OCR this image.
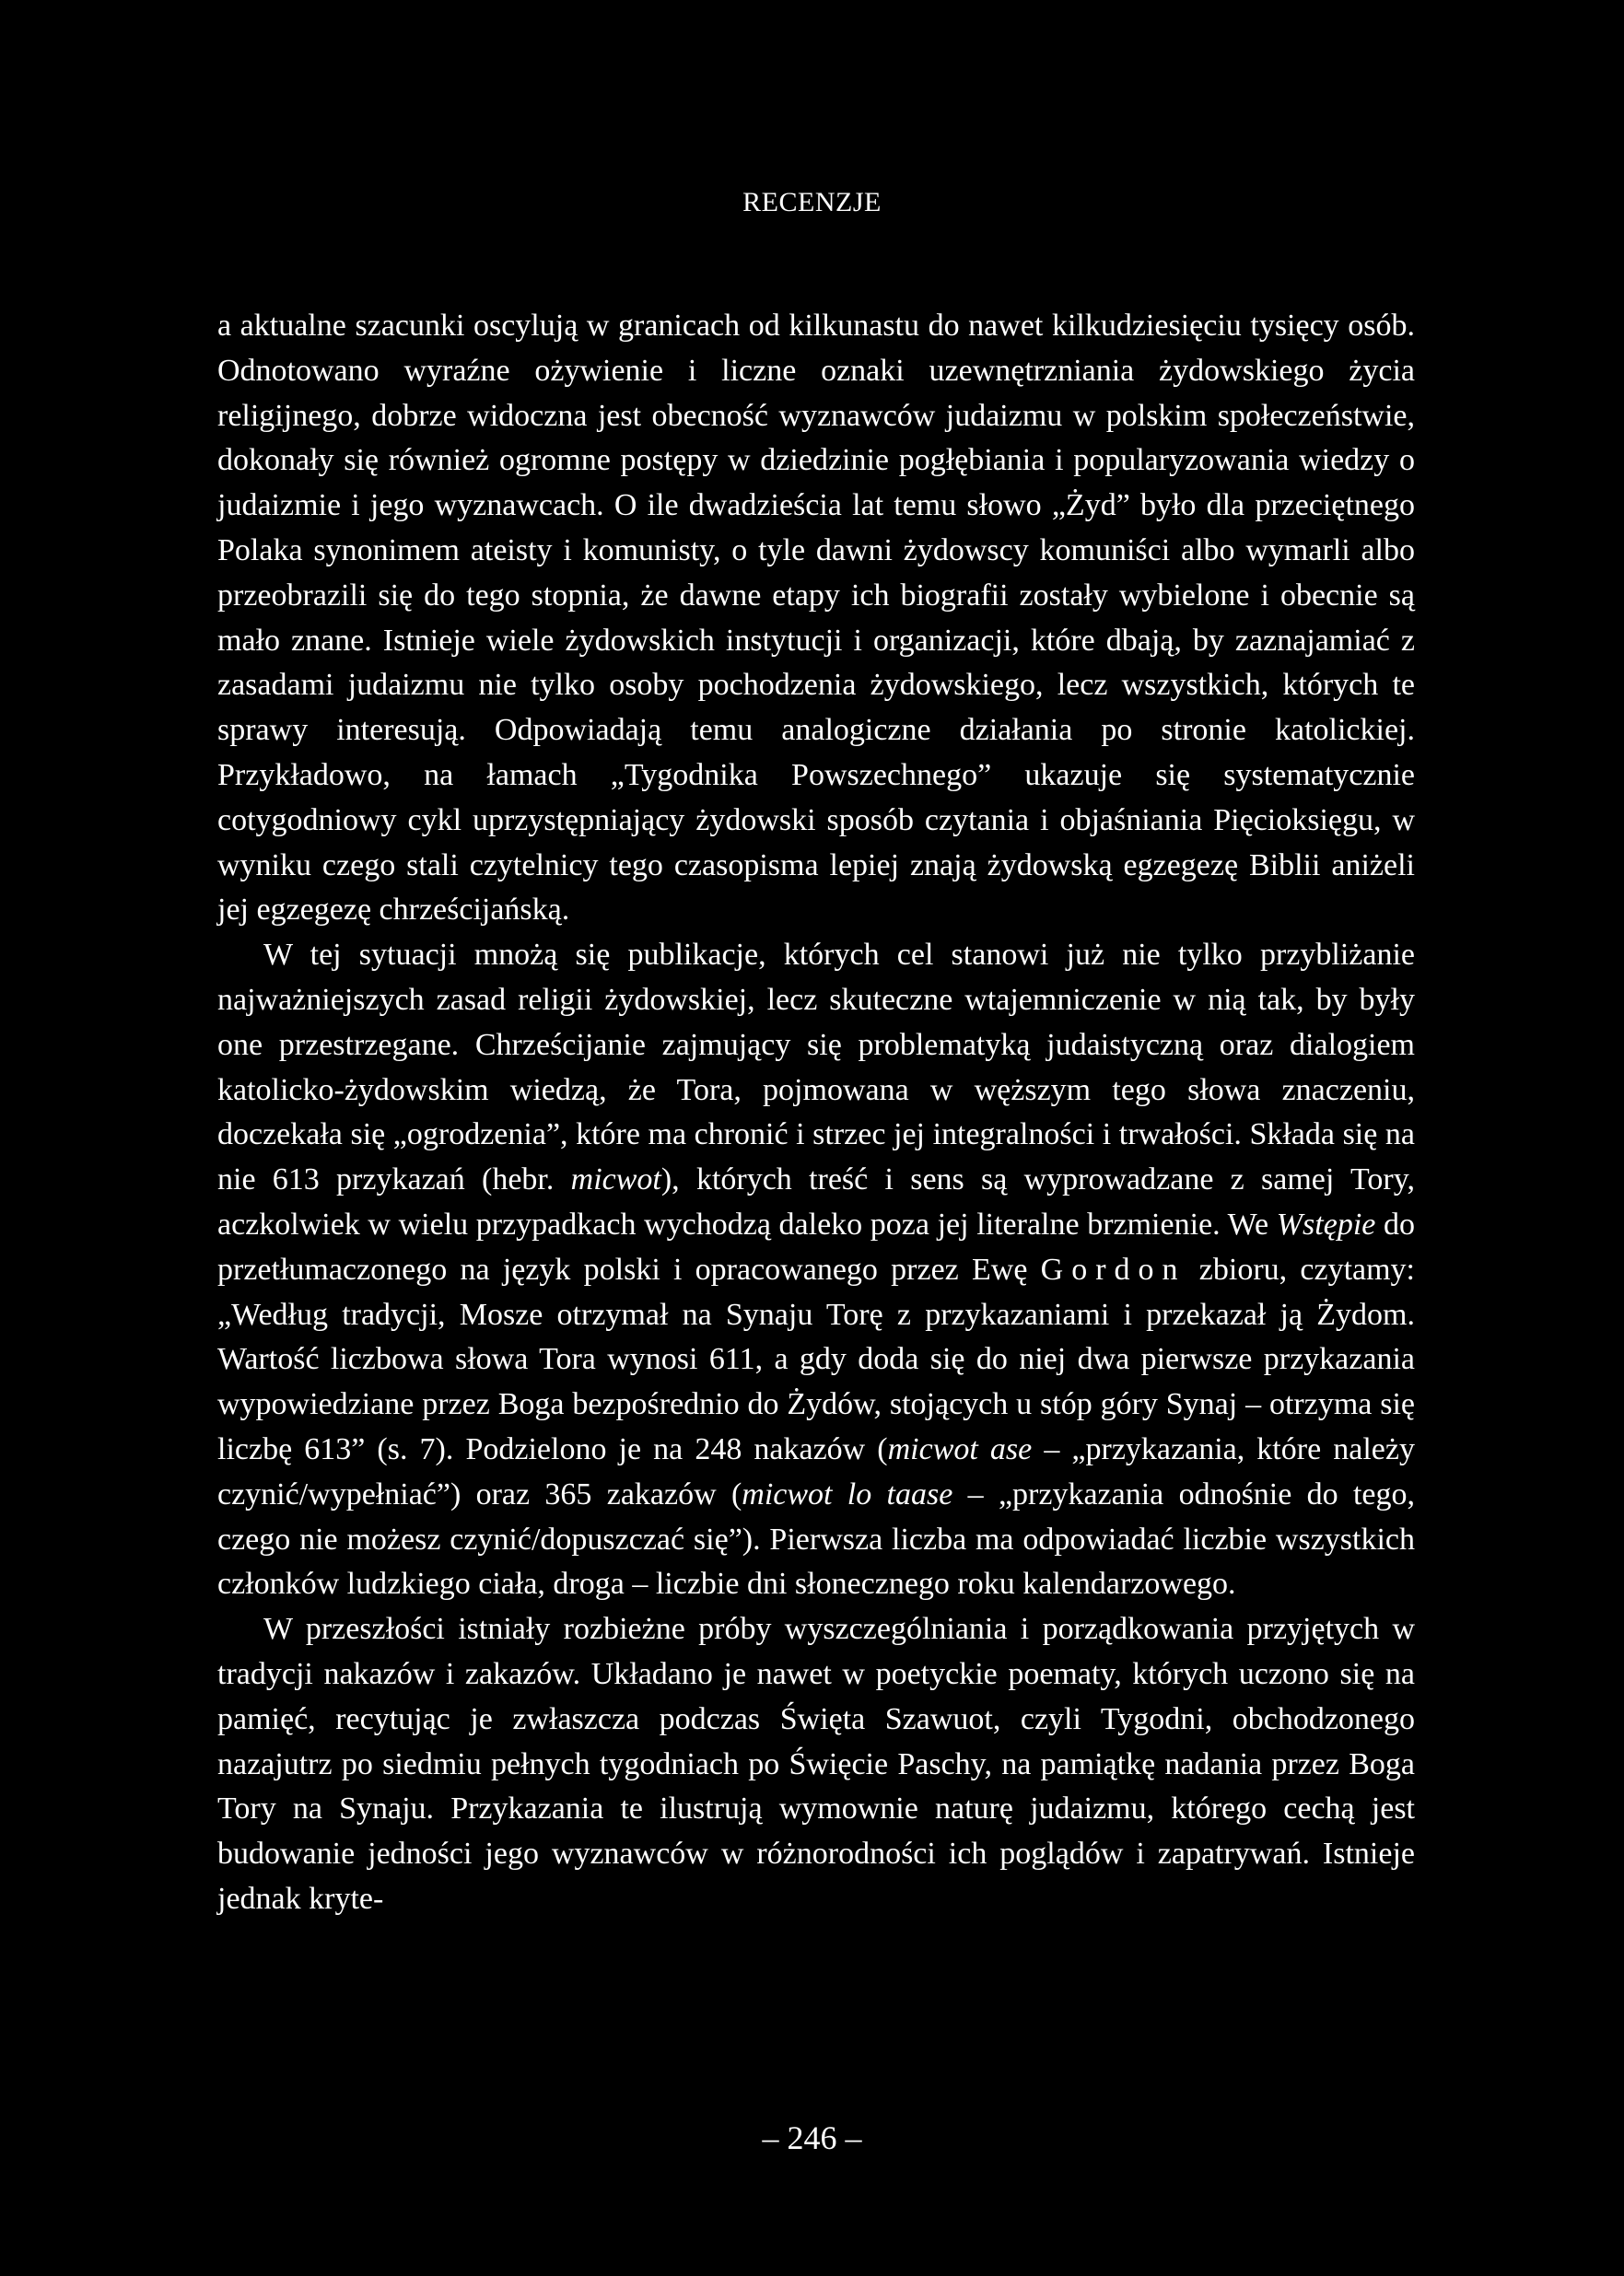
RECENZJE

a aktualne szacunki oscylują w granicach od kilkunastu do nawet kilkudziesięciu tysięcy osób. Odnotowano wyraźne ożywienie i liczne oznaki uzewnętrzniania żydowskiego życia religijnego, dobrze widoczna jest obecność wyznawców judaizmu w polskim społeczeństwie, dokonały się również ogromne postępy w dziedzinie pogłębiania i popularyzowania wiedzy o judaizmie i jego wyznawcach. O ile dwadzieścia lat temu słowo „Żyd” było dla przeciętnego Polaka synonimem ateisty i komunisty, o tyle dawni żydowscy komuniści albo wymarli albo przeobrazili się do tego stopnia, że dawne etapy ich biografii zostały wybielone i obecnie są mało znane. Istnieje wiele żydowskich instytucji i organizacji, które dbają, by zaznajamiać z zasadami judaizmu nie tylko osoby pochodzenia żydowskiego, lecz wszystkich, których te sprawy interesują. Odpowiadają temu analogiczne działania po stronie katolickiej. Przykładowo, na łamach „Tygodnika Powszechnego” ukazuje się systematycznie cotygodniowy cykl uprzystępniający żydowski sposób czytania i objaśniania Pięcioksięgu, w wyniku czego stali czytelnicy tego czasopisma lepiej znają żydowską egzegezę Biblii aniżeli jej egzegezę chrześcijańską.

W tej sytuacji mnożą się publikacje, których cel stanowi już nie tylko przybliżanie najważniejszych zasad religii żydowskiej, lecz skuteczne wtajemniczenie w nią tak, by były one przestrzegane. Chrześcijanie zajmujący się problematyką judaistyczną oraz dialogiem katolicko-żydowskim wiedzą, że Tora, pojmowana w węższym tego słowa znaczeniu, doczekała się „ogrodzenia”, które ma chronić i strzec jej integralności i trwałości. Składa się na nie 613 przykazań (hebr. micwot), których treść i sens są wyprowadzane z samej Tory, aczkolwiek w wielu przypadkach wychodzą daleko poza jej literalne brzmienie. We Wstępie do przetłumaczonego na język polski i opracowanego przez Ewę Gordon zbioru, czytamy: „Według tradycji, Mosze otrzymał na Synaju Torę z przykazaniami i przekazał ją Żydom. Wartość liczbowa słowa Tora wynosi 611, a gdy doda się do niej dwa pierwsze przykazania wypowiedziane przez Boga bezpośrednio do Żydów, stojących u stóp góry Synaj – otrzyma się liczbę 613” (s. 7). Podzielono je na 248 nakazów (micwot ase – „przykazania, które należy czynić/wypełniać”) oraz 365 zakazów (micwot lo taase – „przykazania odnośnie do tego, czego nie możesz czynić/dopuszczać się”). Pierwsza liczba ma odpowiadać liczbie wszystkich członków ludzkiego ciała, droga – liczbie dni słonecznego roku kalendarzowego.

W przeszłości istniały rozbieżne próby wyszczególniania i porządkowania przyjętych w tradycji nakazów i zakazów. Układano je nawet w poetyckie poematy, których uczono się na pamięć, recytując je zwłaszcza podczas Święta Szawuot, czyli Tygodni, obchodzonego nazajutrz po siedmiu pełnych tygodniach po Święcie Paschy, na pamiątkę nadania przez Boga Tory na Synaju. Przykazania te ilustrują wymownie naturę judaizmu, którego cechą jest budowanie jedności jego wyznawców w różnorodności ich poglądów i zapatrywań. Istnieje jednak kryte-

– 246 –
